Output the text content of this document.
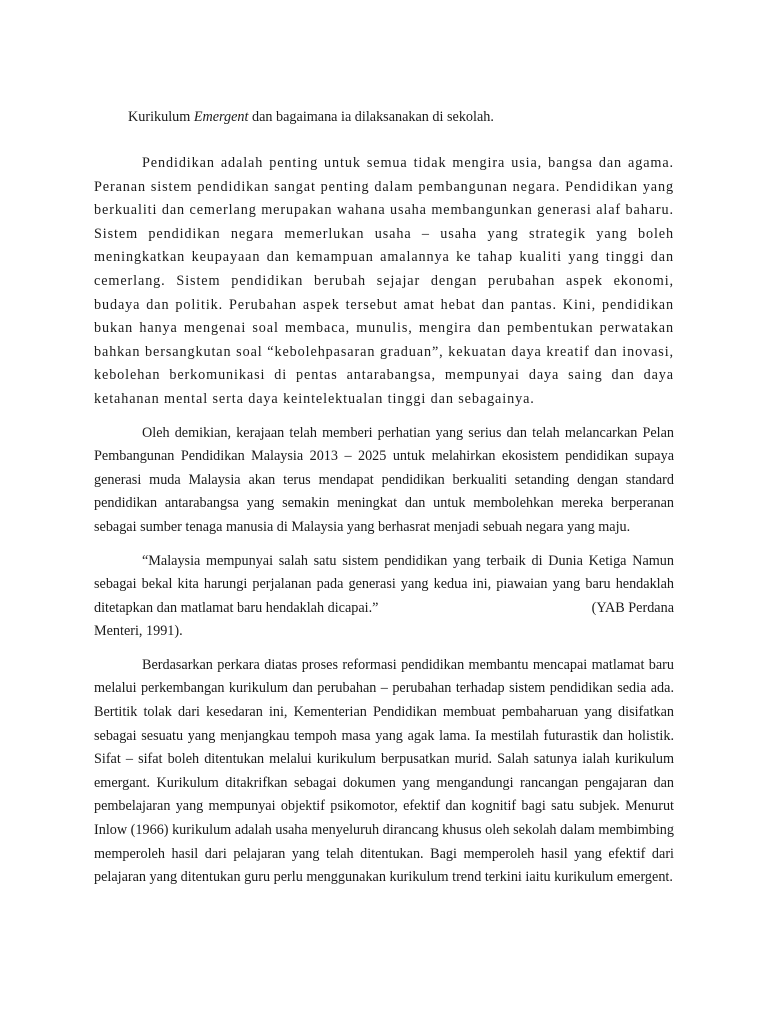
Kurikulum Emergent dan bagaimana ia dilaksanakan di sekolah.

Pendidikan adalah penting untuk semua tidak mengira usia, bangsa dan agama. Peranan sistem pendidikan sangat penting dalam pembangunan negara. Pendidikan yang berkualiti dan cemerlang merupakan wahana usaha membangunkan generasi alaf baharu. Sistem pendidikan negara memerlukan usaha – usaha yang strategik yang boleh meningkatkan keupayaan dan kemampuan amalannya ke tahap kualiti yang tinggi dan cemerlang. Sistem pendidikan berubah sejajar dengan perubahan aspek ekonomi, budaya dan politik. Perubahan aspek tersebut amat hebat dan pantas. Kini, pendidikan bukan hanya mengenai soal membaca, munulis, mengira dan pembentukan perwatakan bahkan bersangkutan soal “kebolehpasaran graduan”, kekuatan daya kreatif dan inovasi, kebolehan berkomunikasi di pentas antarabangsa, mempunyai daya saing dan daya ketahanan mental serta daya keintelektualan tinggi dan sebagainya.

Oleh demikian, kerajaan telah memberi perhatian yang serius dan telah melancarkan Pelan Pembangunan Pendidikan Malaysia 2013 – 2025 untuk melahirkan ekosistem pendidikan supaya generasi muda Malaysia akan terus mendapat pendidikan berkualiti setanding dengan standard pendidikan antarabangsa yang semakin meningkat dan untuk membolehkan mereka berperanan sebagai sumber tenaga manusia di Malaysia yang berhasrat menjadi sebuah negara yang maju.

“Malaysia mempunyai salah satu sistem pendidikan yang terbaik di Dunia Ketiga Namun sebagai bekal kita harungi perjalanan pada generasi yang kedua ini, piawaian yang baru hendaklah ditetapkan dan matlamat baru hendaklah dicapai.”	(YAB Perdana

Menteri, 1991).

Berdasarkan perkara diatas proses reformasi pendidikan membantu mencapai matlamat baru melalui perkembangan kurikulum dan perubahan – perubahan terhadap sistem pendidikan sedia ada. Bertitik tolak dari kesedaran ini, Kementerian Pendidikan membuat pembaharuan yang disifatkan sebagai sesuatu yang menjangkau tempoh masa yang agak lama. Ia mestilah futurastik dan holistik. Sifat – sifat boleh ditentukan melalui kurikulum berpusatkan murid. Salah satunya ialah kurikulum emergant. Kurikulum ditakrifkan sebagai dokumen yang mengandungi rancangan pengajaran dan pembelajaran yang mempunyai objektif psikomotor, efektif dan kognitif bagi satu subjek. Menurut Inlow (1966) kurikulum adalah usaha menyeluruh dirancang khusus oleh sekolah dalam membimbing memperoleh hasil dari pelajaran yang telah ditentukan. Bagi memperoleh hasil yang efektif dari pelajaran yang ditentukan guru perlu menggunakan kurikulum trend terkini iaitu kurikulum emergent.
